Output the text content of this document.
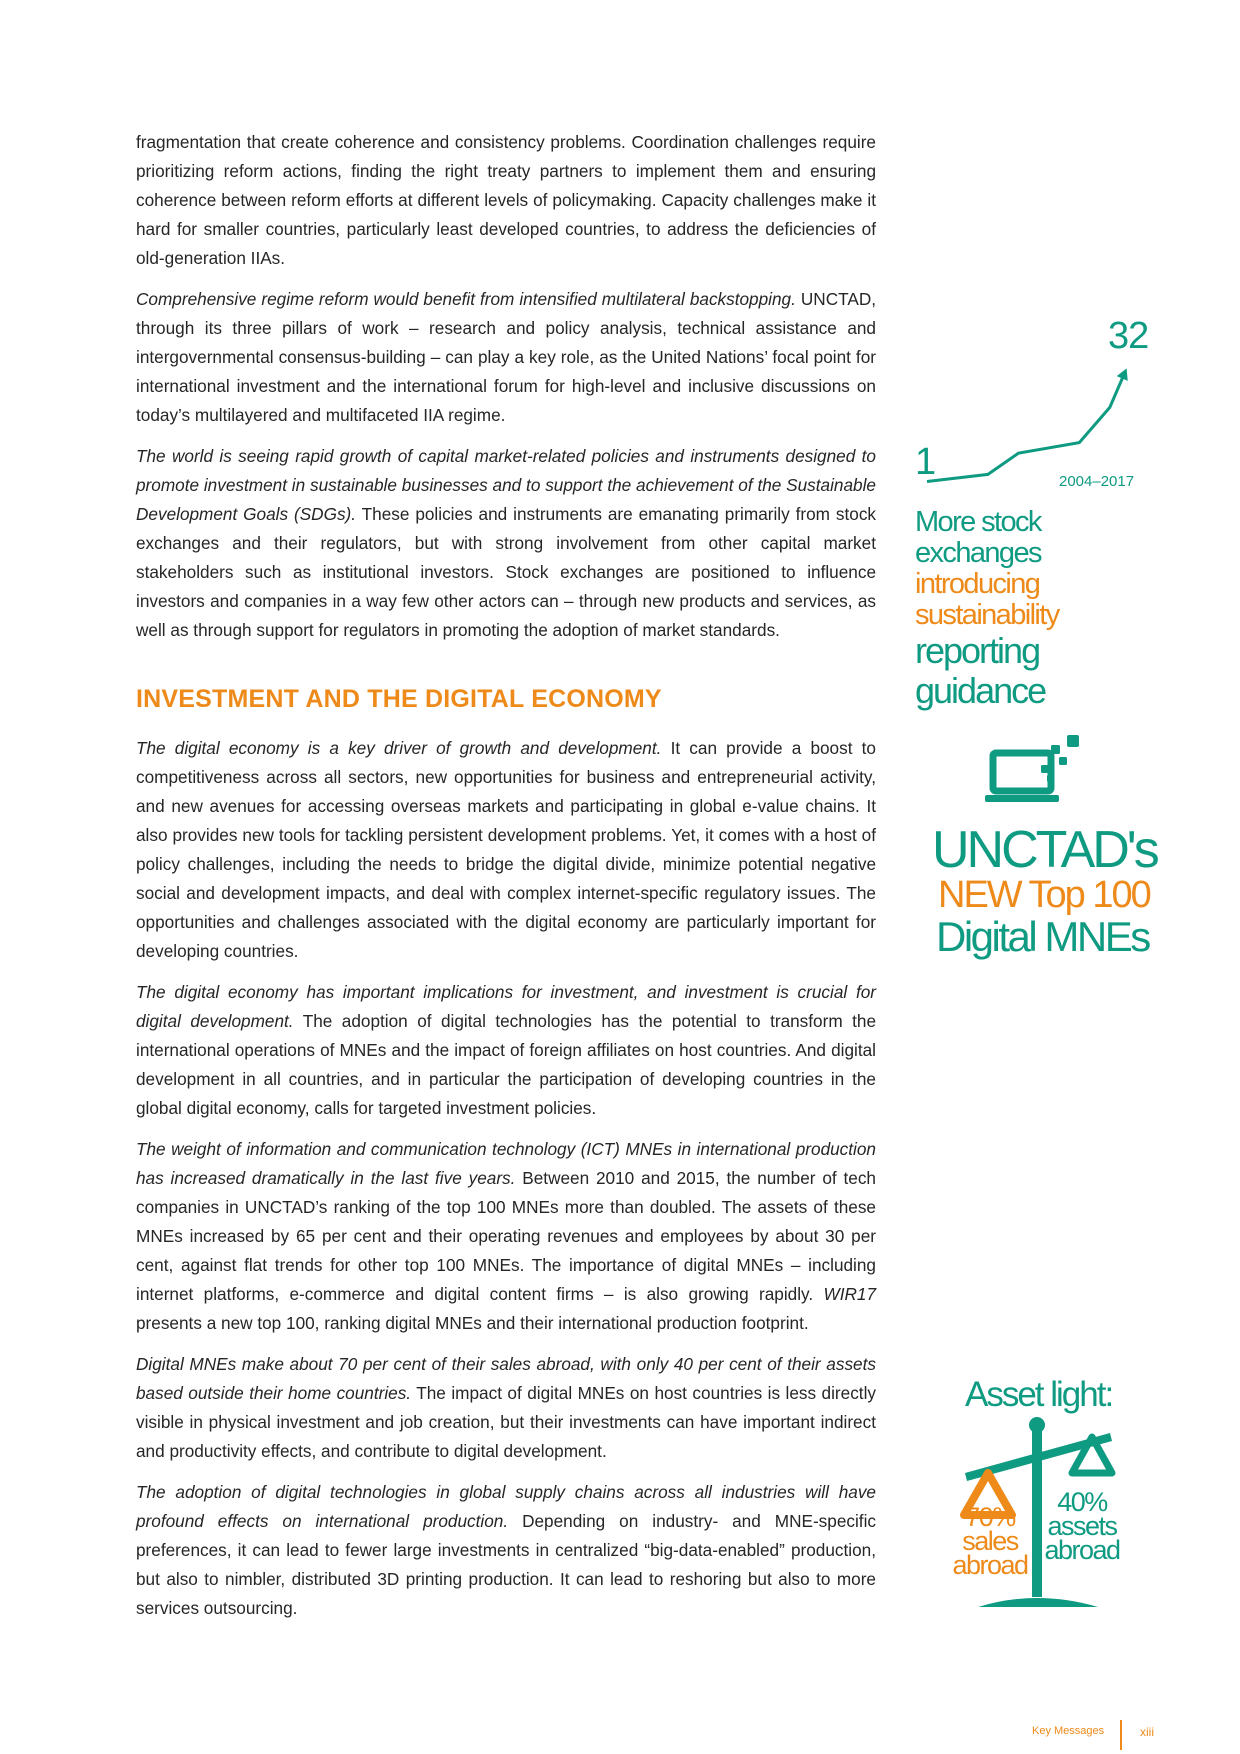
fragmentation that create coherence and consistency problems. Coordination challenges require prioritizing reform actions, finding the right treaty partners to implement them and ensuring coherence between reform efforts at different levels of policymaking. Capacity challenges make it hard for smaller countries, particularly least developed countries, to address the deficiencies of old-generation IIAs.

Comprehensive regime reform would benefit from intensified multilateral backstopping. UNCTAD, through its three pillars of work – research and policy analysis, technical assistance and intergovernmental consensus-building – can play a key role, as the United Nations’ focal point for international investment and the international forum for high-level and inclusive discussions on today’s multilayered and multifaceted IIA regime.

The world is seeing rapid growth of capital market-related policies and instruments designed to promote investment in sustainable businesses and to support the achievement of the Sustainable Development Goals (SDGs). These policies and instruments are emanating primarily from stock exchanges and their regulators, but with strong involvement from other capital market stakeholders such as institutional investors. Stock exchanges are positioned to influence investors and companies in a way few other actors can – through new products and services, as well as through support for regulators in promoting the adoption of market standards.

INVESTMENT AND THE DIGITAL ECONOMY

The digital economy is a key driver of growth and development. It can provide a boost to competitiveness across all sectors, new opportunities for business and entrepreneurial activity, and new avenues for accessing overseas markets and participating in global e-value chains. It also provides new tools for tackling persistent development problems. Yet, it comes with a host of policy challenges, including the needs to bridge the digital divide, minimize potential negative social and development impacts, and deal with complex internet-specific regulatory issues. The opportunities and challenges associated with the digital economy are particularly important for developing countries.

The digital economy has important implications for investment, and investment is crucial for digital development. The adoption of digital technologies has the potential to transform the international operations of MNEs and the impact of foreign affiliates on host countries. And digital development in all countries, and in particular the participation of developing countries in the global digital economy, calls for targeted investment policies.

The weight of information and communication technology (ICT) MNEs in international production has increased dramatically in the last five years. Between 2010 and 2015, the number of tech companies in UNCTAD’s ranking of the top 100 MNEs more than doubled. The assets of these MNEs increased by 65 per cent and their operating revenues and employees by about 30 per cent, against flat trends for other top 100 MNEs. The importance of digital MNEs – including internet platforms, e-commerce and digital content firms – is also growing rapidly. WIR17 presents a new top 100, ranking digital MNEs and their international production footprint.

Digital MNEs make about 70 per cent of their sales abroad, with only 40 per cent of their assets based outside their home countries. The impact of digital MNEs on host countries is less directly visible in physical investment and job creation, but their investments can have important indirect and productivity effects, and contribute to digital development.

The adoption of digital technologies in global supply chains across all industries will have profound effects on international production. Depending on industry- and MNE-specific preferences, it can lead to fewer large investments in centralized “big-data-enabled” production, but also to nimbler, distributed 3D printing production. It can lead to reshoring but also to more services outsourcing.

1
32
2004–2017
More stock exchanges
introducing sustainability
reporting guidance
UNCTAD's
NEW Top 100
Digital MNEs
Asset light:
70%
sales
abroad
40%
assets
abroad
Key Messages	xiii
